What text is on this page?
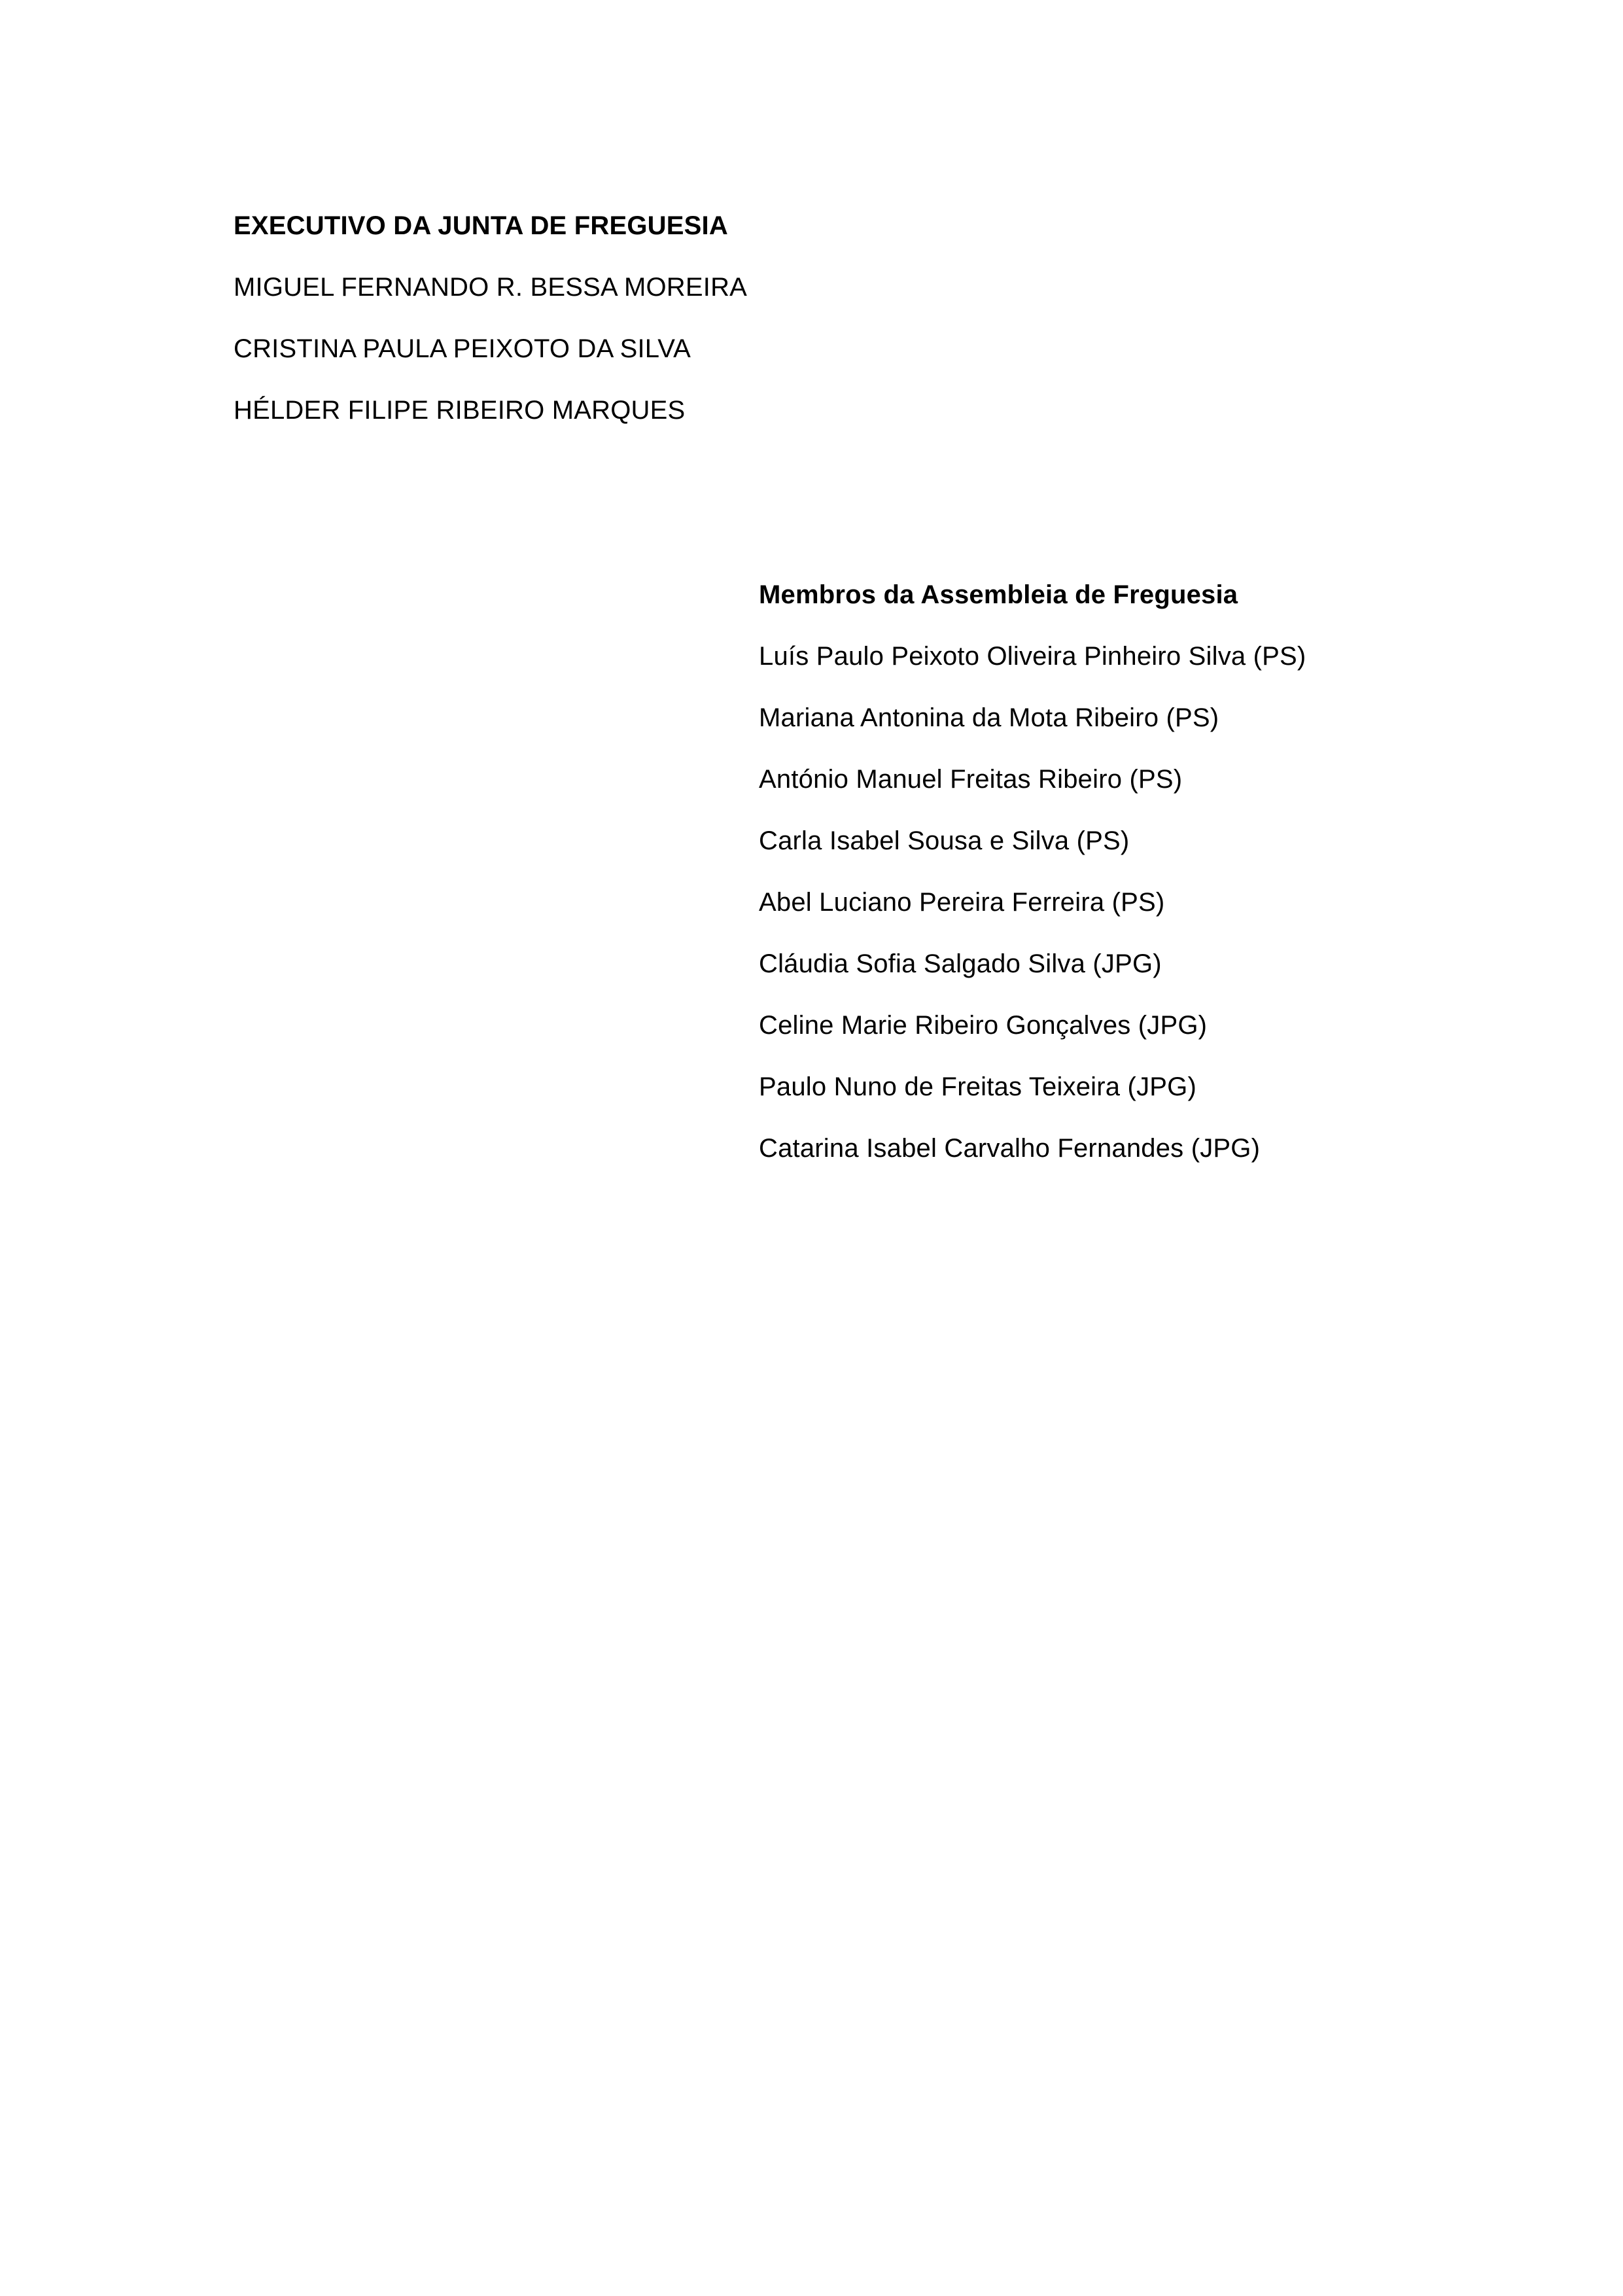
EXECUTIVO DA JUNTA DE FREGUESIA
MIGUEL FERNANDO R. BESSA MOREIRA
CRISTINA PAULA PEIXOTO DA SILVA
HÉLDER FILIPE RIBEIRO MARQUES
Membros da Assembleia de Freguesia
Luís Paulo Peixoto Oliveira Pinheiro Silva (PS)
Mariana Antonina da Mota Ribeiro (PS)
António Manuel Freitas Ribeiro (PS)
Carla Isabel Sousa e Silva (PS)
Abel Luciano Pereira Ferreira (PS)
Cláudia Sofia Salgado Silva (JPG)
Celine Marie Ribeiro Gonçalves (JPG)
Paulo Nuno de Freitas Teixeira (JPG)
Catarina Isabel Carvalho Fernandes (JPG)
